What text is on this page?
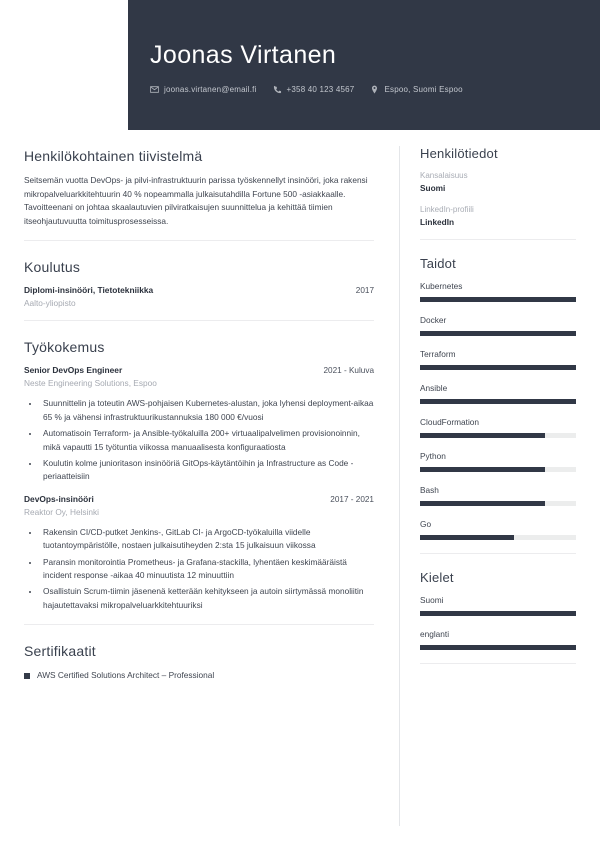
Joonas Virtanen
joonas.virtanen@email.fi	+358 40 123 4567	Espoo, Suomi Espoo
Henkilökohtainen tiivistelmä

Seitsemän vuotta DevOps- ja pilvi-infrastruktuurin parissa työskennellyt insinööri, joka rakensi mikropalveluarkkitehtuurin 40 % nopeammalla julkaisutahdilla Fortune 500 -asiakkaalle. Tavoitteenani on johtaa skaalautuvien pilviratkaisujen suunnittelua ja kehittää tiimien itseohjautuvuutta toimitusprosesseissa.

Koulutus
Diplomi-insinööri, Tietotekniikka	2017
Aalto-yliopisto
Työkokemus
Senior DevOps Engineer	2021 - Kuluva
Neste Engineering Solutions, Espoo
• Suunnittelin ja toteutin AWS-pohjaisen Kubernetes-alustan, joka lyhensi deployment-aikaa 65 % ja vähensi infrastruktuurikustannuksia 180 000 €/vuosi
• Automatisoin Terraform- ja Ansible-työkaluilla 200+ virtuaalipalvelimen provisionoinnin, mikä vapautti 15 työtuntia viikossa manuaalisesta konfiguraatiosta
• Koulutin kolme junioritason insinööriä GitOps-käytäntöihin ja Infrastructure as Code -periaatteisiin
DevOps-insinööri	2017 - 2021
Reaktor Oy, Helsinki
• Rakensin CI/CD-putket Jenkins-, GitLab CI- ja ArgoCD-työkaluilla viidelle tuotantoympäristölle, nostaen julkaisutiheyden 2:sta 15 julkaisuun viikossa
• Paransin monitorointia Prometheus- ja Grafana-stackilla, lyhentäen keskimääräistä incident response -aikaa 40 minuutista 12 minuuttiin
• Osallistuin Scrum-tiimin jäsenenä ketterään kehitykseen ja autoin siirtymässä monoliitin hajautettavaksi mikropalveluarkkitehtuuriksi
Sertifikaatit
AWS Certified Solutions Architect – Professional
Henkilötiedot
Kansalaisuus
Suomi
LinkedIn-profiili
LinkedIn
Taidot
Kubernetes
Docker
Terraform
Ansible
CloudFormation
Python
Bash
Go
Kielet
Suomi
englanti
